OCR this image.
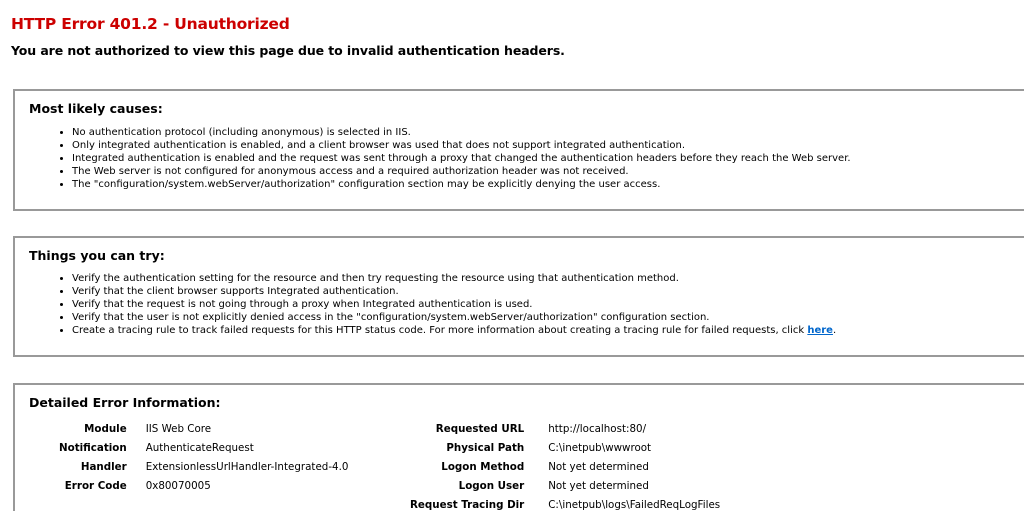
HTTP Error 401.2 - Unauthorized
You are not authorized to view this page due to invalid authentication headers.
Most likely causes:
• No authentication protocol (including anonymous) is selected in IIS.
• Only integrated authentication is enabled, and a client browser was used that does not support integrated authentication.
• Integrated authentication is enabled and the request was sent through a proxy that changed the authentication headers before they reach the Web server.
• The Web server is not configured for anonymous access and a required authorization header was not received.
• The "configuration/system.webServer/authorization" configuration section may be explicitly denying the user access.
Things you can try:
• Verify the authentication setting for the resource and then try requesting the resource using that authentication method.
• Verify that the client browser supports Integrated authentication.
• Verify that the request is not going through a proxy when Integrated authentication is used.
• Verify that the user is not explicitly denied access in the "configuration/system.webServer/authorization" configuration section.
• Create a tracing rule to track failed requests for this HTTP status code. For more information about creating a tracing rule for failed requests, click here.
Detailed Error Information:
Module	IIS Web Core
Notification	AuthenticateRequest
Handler	ExtensionlessUrlHandler-Integrated-4.0
Error Code	0x80070005
Requested URL	http://localhost:80/
Physical Path	C:\inetpub\wwwroot
Logon Method	Not yet determined
Logon User	Not yet determined
Request Tracing Dir	C:\inetpub\logs\FailedReqLogFiles
